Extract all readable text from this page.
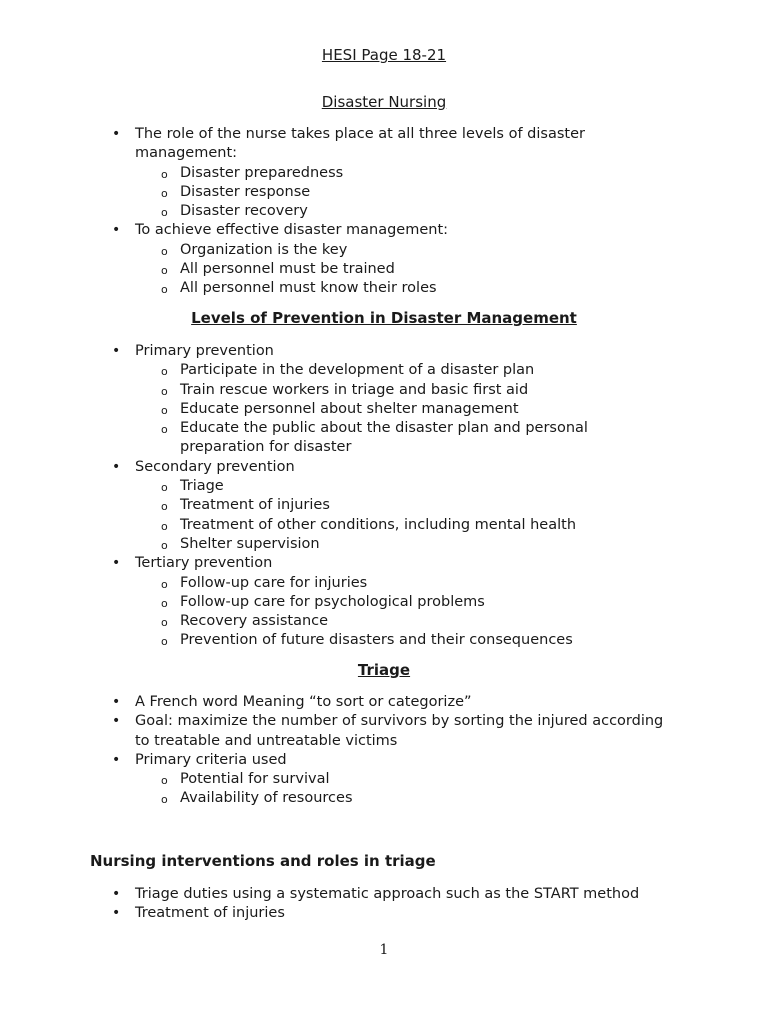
HESI Page 18-21
Disaster Nursing
• The role of the nurse takes place at all three levels of disaster management:
o Disaster preparedness
o Disaster response
o Disaster recovery
• To achieve effective disaster management:
o Organization is the key
o All personnel must be trained
o All personnel must know their roles
Levels of Prevention in Disaster Management
• Primary prevention
o Participate in the development of a disaster plan
o Train rescue workers in triage and basic first aid
o Educate personnel about shelter management
o Educate the public about the disaster plan and personal preparation for disaster
• Secondary prevention
o Triage
o Treatment of injuries
o Treatment of other conditions, including mental health
o Shelter supervision
• Tertiary prevention
o Follow-up care for injuries
o Follow-up care for psychological problems
o Recovery assistance
o Prevention of future disasters and their consequences
Triage
• A French word Meaning “to sort or categorize”
• Goal: maximize the number of survivors by sorting the injured according to treatable and untreatable victims
• Primary criteria used
o Potential for survival
o Availability of resources
Nursing interventions and roles in triage
• Triage duties using a systematic approach such as the START method
• Treatment of injuries
1
